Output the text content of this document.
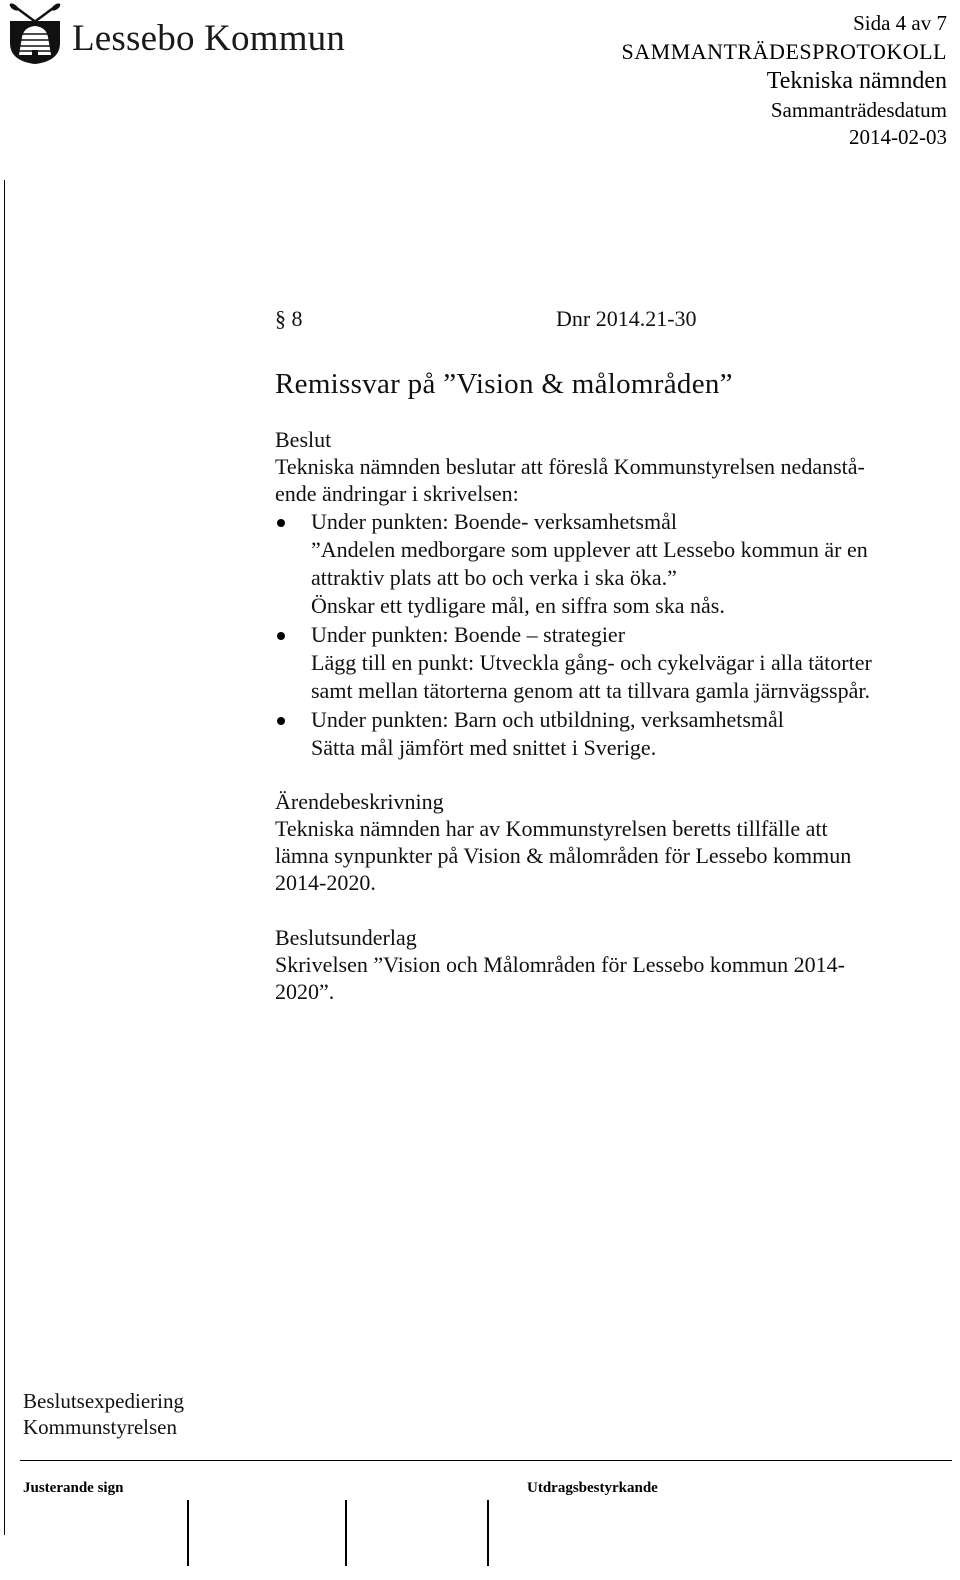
Lessebo Kommun	Sida 4 av 7
SAMMANTRÄDESPROTOKOLL
Tekniska nämnden
Sammanträdesdatum
2014-02-03
§ 8	Dnr 2014.21-30
Remissvar på ”Vision & målområden”
Beslut
Tekniska nämnden beslutar att föreslå Kommunstyrelsen nedanstå-
ende ändringar i skrivelsen:
Under punkten: Boende- verksamhetsmål
”Andelen medborgare som upplever att Lessebo kommun är en
attraktiv plats att bo och verka i ska öka.”
Önskar ett tydligare mål, en siffra som ska nås.
Under punkten: Boende – strategier
Lägg till en punkt: Utveckla gång- och cykelvägar i alla tätorter
samt mellan tätorterna genom att ta tillvara gamla järnvägsspår.
Under punkten: Barn och utbildning, verksamhetsmål
Sätta mål jämfört med snittet i Sverige.
Ärendebeskrivning
Tekniska nämnden har av Kommunstyrelsen beretts tillfälle att
lämna synpunkter på Vision & målområden för Lessebo kommun
2014-2020.
Beslutsunderlag
Skrivelsen ”Vision och Målområden för Lessebo kommun 2014-
2020”.
Beslutsexpediering
Kommunstyrelsen
Justerande sign	Utdragsbestyrkande
